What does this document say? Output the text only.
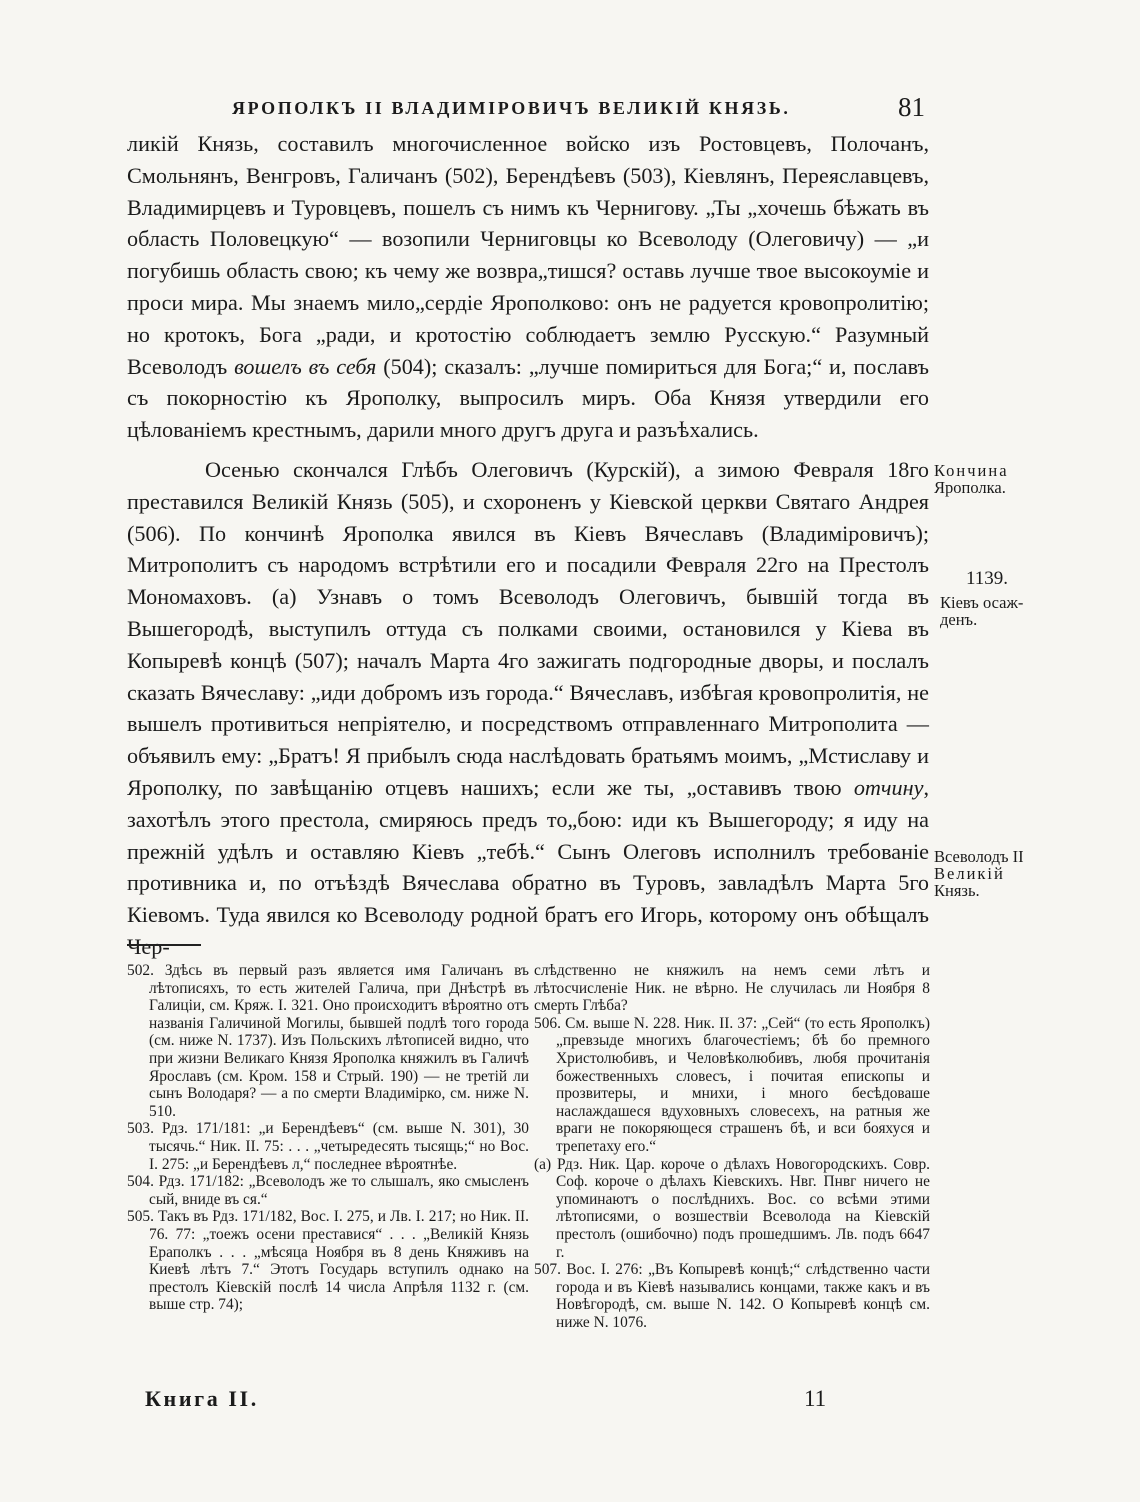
ЯРОПОЛКЪ II ВЛАДИМІРОВИЧЪ ВЕЛИКІЙ КНЯЗЬ.	81

ликій Князь, составилъ многочисленное войско изъ Ростовцевъ, Полочанъ, Смольнянъ, Венгровъ, Галичанъ (502), Берендѣевъ (503), Кіевлянъ, Переяславцевъ, Владимирцевъ и Туровцевъ, пошелъ съ нимъ къ Чернигову. „Ты „хочешь бѣжать въ область Половецкую“ — возопили Черниговцы ко Всеволоду (Олеговичу) — „и погубишь область свою; къ чему же возвра„тишся? оставь лучше твое высокоуміе и проси мира. Мы знаемъ мило„сердіе Ярополково: онъ не радуется кровопролитію; но кротокъ, Бога „ради, и кротостію соблюдаетъ землю Русскую.“ Разумный Всеволодъ вошелъ въ себя (504); сказалъ: „лучше помириться для Бога;“ и, пославъ съ покорностію къ Ярополку, выпросилъ миръ. Оба Князя утвердили его цѣлованіемъ крестнымъ, дарили много другъ друга и разъѣхались.

Осенью скончался Глѣбъ Олеговичъ (Курскій), а зимою Февраля 18го преставился Великій Князь (505), и схороненъ у Кіевской церкви Святаго Андрея (506). По кончинѣ Ярополка явился въ Кіевъ Вячеславъ (Владиміровичъ); Митрополитъ съ народомъ встрѣтили его и посадили Февраля 22го на Престолъ Мономаховъ. (а) Узнавъ о томъ Всеволодъ Олеговичъ, бывшій тогда въ Вышегородѣ, выступилъ оттуда съ полками своими, остановился у Кіева въ Копыревѣ концѣ (507); началъ Марта 4го зажигать подгородные дворы, и послалъ сказать Вячеславу: „иди добромъ изъ города.“ Вячеславъ, избѣгая кровопролитія, не вышелъ противиться непріятелю, и посредствомъ отправленнаго Митрополита — объявилъ ему: „Братъ! Я прибылъ сюда наслѣдовать братьямъ моимъ, „Мстиславу и Ярополку, по завѣщанію отцевъ нашихъ; если же ты, „оставивъ твою отчину, захотѣлъ этого престола, смиряюсь предъ то„бою: иди къ Вышегороду; я иду на прежній удѣлъ и оставляю Кіевъ „тебѣ.“ Сынъ Олеговъ исполнилъ требованіе противника и, по отъѣздѣ Вячеслава обратно въ Туровъ, завладѣлъ Марта 5го Кіевомъ. Туда явился ко Всеволоду родной братъ его Игорь, которому онъ обѣщалъ Чер-

Кончина
Ярополка.
1139.
Кіевъ осаж-
денъ.
Всеволодъ II
Великій
Князь.

502. Здѣсь въ первый разъ является имя Галичанъ въ лѣтописяхъ, то есть жителей Галича, при Днѣстрѣ въ Галиціи, см. Кряж. I. 321. Оно происходитъ вѣроятно отъ названія Галичиной Могилы, бывшей подлѣ того города (см. ниже N. 1737). Изъ Польскихъ лѣтописей видно, что при жизни Великаго Князя Ярополка княжилъ въ Галичѣ Ярославъ (см. Кром. 158 и Стрый. 190) — не третій ли сынъ Володаря? — а по смерти Владимірко, см. ниже N. 510.

503. Рдз. 171/181: „и Берендѣевъ“ (см. выше N. 301), 30 тысячь.“ Ник. II. 75: . . . „четыредесять тысящь;“ но Вос. I. 275: „и Берендѣевъ л,“ последнее вѣроятнѣе.

504. Рдз. 171/182: „Всеволодъ же то слышалъ, яко смысленъ сый, вниде въ ся.“

505. Такъ въ Рдз. 171/182, Вос. I. 275, и Лв. I. 217; но Ник. II. 76. 77: „тоежъ осени преставися“ . . . „Великій Князь Ераполкъ . . . „мѣсяца Ноября въ 8 день Княживъ на Киевѣ лѣтъ 7.“ Этотъ Государь вступилъ однако на престолъ Кіевскій послѣ 14 числа Апрѣля 1132 г. (см. выше стр. 74);

слѣдственно не княжилъ на немъ семи лѣтъ и лѣтосчисленіе Ник. не вѣрно. Не случилась ли Ноября 8 смерть Глѣба?

506. См. выше N. 228. Ник. II. 37: „Сей“ (то есть Ярополкъ) „превзыде многихъ благочестіемъ; бѣ бо премного Христолюбивъ, и Человѣколюбивъ, любя прочитанія божественныхъ словесъ, і почитая епископы и прозвитеры, и мнихи, і много бесѣдоваше наслаждашеся вдуховныхъ словесехъ, на ратныя же враги не покоряющеся страшенъ бѣ, и вси бояхуся и трепетаху его.“

(а) Рдз. Ник. Цар. короче о дѣлахъ Новогородскихъ. Совр. Соф. короче о дѣлахъ Кіевскихъ. Нвг. Пнвг ничего не упоминаютъ о послѣднихъ. Вос. со всѣми этими лѣтописями, о возшествіи Всеволода на Кіевскій престолъ (ошибочно) подъ прошедшимъ. Лв. подъ 6647 г.

507. Вос. I. 276: „Въ Копыревѣ концѣ;“ слѣдственно части города и въ Кіевѣ назывались концами, также какъ и въ Новѣгородѣ, см. выше N. 142. О Копыревѣ концѣ см. ниже N. 1076.

Книга II.	11
